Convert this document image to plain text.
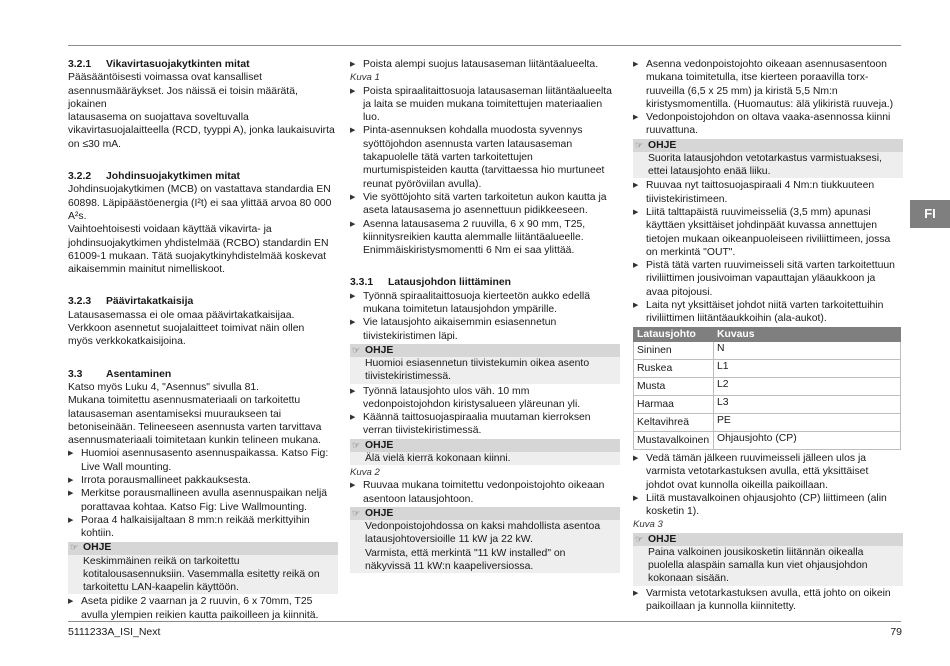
FI
3.2.1 Vikavirtasuojakytkinten mitat
Pääsääntöisesti voimassa ovat kansalliset
asennusmääräykset. Jos näissä ei toisin määrätä, jokainen
latausasema on suojattava soveltuvalla
vikavirtasuojalaitteella (RCD, tyyppi A), jonka laukaisuvirta
on ≤30 mA.
3.2.2 Johdinsuojakytkimen mitat
Johdinsuojakytkimen (MCB) on vastattava standardia EN
60898. Läpipäästöenergia (I²t) ei saa ylittää arvoa 80 000
A²s.
Vaihtoehtoisesti voidaan käyttää vikavirta- ja
johdinsuojakytkimen yhdistelmää (RCBO) standardin EN
61009-1 mukaan. Tätä suojakytkinyhdistelmää koskevat
aikaisemmin mainitut nimelliskoot.
3.2.3 Päävirtakatkaisija
Latausasemassa ei ole omaa päävirtakatkaisijaa.
Verkkoon asennetut suojalaitteet toimivat näin ollen
myös verkkokatkaisijoina.
3.3 Asentaminen
Katso myös Luku 4, "Asennus" sivulla 81.
Mukana toimitettu asennusmateriaali on tarkoitettu
latausaseman asentamiseksi muuraukseen tai
betoniseinään. Telineeseen asennusta varten tarvittava
asennusmateriaali toimitetaan kunkin telineen mukana.
▶ Huomioi asennusasento asennuspaikassa. Katso Fig:
Live Wall mounting.
▶ Irrota porausmallineet pakkauksesta.
▶ Merkitse porausmallineen avulla asennuspaikan neljä
porattavaa kohtaa. Katso Fig: Live Wallmounting.
▶ Poraa 4 halkaisijaltaan 8 mm:n reikää merkittyihin
kohtiin.
☞ OHJE
Keskimmäinen reikä on tarkoitettu
kotitalousasennuksiin. Vasemmalla esitetty reikä on
tarkoitettu LAN-kaapelin käyttöön.
▶ Aseta pidike 2 vaarnan ja 2 ruuvin, 6 x 70mm, T25
avulla ylempien reikien kautta paikoilleen ja kiinnitä.
▶ Poista alempi suojus latausaseman liitäntäalueelta.
Kuva 1
▶ Poista spiraalitaittosuoja latausaseman liitäntäalueelta
ja laita se muiden mukana toimitettujen materiaalien
luo.
▶ Pinta-asennuksen kohdalla muodosta syvennys
syöttöjohdon asennusta varten latausaseman
takapuolelle tätä varten tarkoitettujen
murtumispisteiden kautta (tarvittaessa hio murtuneet
reunat pyöröviilan avulla).
▶ Vie syöttöjohto sitä varten tarkoitetun aukon kautta ja
aseta latausasema jo asennettuun pidikkeeseen.
▶ Asenna latausasema 2 ruuvilla, 6 x 90 mm, T25,
kiinnitysreikien kautta alemmalle liitäntäalueelle.
Enimmäiskiristysmomentti 6 Nm ei saa ylittää.
3.3.1 Latausjohdon liittäminen
▶ Työnnä spiraalitaittosuoja kierteetön aukko edellä
mukana toimitetun latausjohdon ympärille.
▶ Vie latausjohto aikaisemmin esiasennetun
tiivistekiristimen läpi.
☞ OHJE
Huomioi esiasennetun tiivistekumin oikea asento
tiivistekiristimessä.
▶ Työnnä latausjohto ulos väh. 10 mm
vedonpoistojohdon kiristysalueen yläreunan yli.
▶ Käännä taittosuojaspiraalia muutaman kierroksen
verran tiivistekiristimessä.
☞ OHJE
Älä vielä kierrä kokonaan kiinni.
Kuva 2
▶ Ruuvaa mukana toimitettu vedonpoistojohto oikeaan
asentoon latausjohtoon.
☞ OHJE
Vedonpoistojohdossa on kaksi mahdollista asentoa
latausjohtoversioille 11 kW ja 22 kW.
Varmista, että merkintä "11 kW installed" on
näkyvissä 11 kW:n kaapeliversiossa.
▶ Asenna vedonpoistojohto oikeaan asennusasentoon
mukana toimitetulla, itse kierteen poraavilla torx-
ruuveilla (6,5 x 25 mm) ja kiristä 5,5 Nm:n
kiristysmomentilla. (Huomautus: älä ylikiristä ruuveja.)
▶ Vedonpoistojohdon on oltava vaaka-asennossa kiinni
ruuvattuna.
☞ OHJE
Suorita latausjohdon vetotarkastus varmistuaksesi,
ettei latausjohto enää liiku.
▶ Ruuvaa nyt taittosuojaspiraali 4 Nm:n tiukkuuteen
tiivistekiristimeen.
▶ Liitä talttapäistä ruuvimeisseliä (3,5 mm) apunasi
käyttäen yksittäiset johdinpäät kuvassa annettujen
tietojen mukaan oikeanpuoleiseen riviliittimeen, jossa
on merkintä "OUT".
▶ Pistä tätä varten ruuvimeisseli sitä varten tarkoitettuun
riviliittimen jousivoiman vapauttajan yläaukkoon ja
avaa pitojousi.
▶ Laita nyt yksittäiset johdot niitä varten tarkoitettuihin
riviliittimen liitäntäaukkoihin (ala-aukot).
Latausjohto	Kuvaus
Sininen	N
Ruskea	L1
Musta	L2
Harmaa	L3
Keltavihreä	PE
Mustavalkoinen	Ohjausjohto (CP)
▶ Vedä tämän jälkeen ruuvimeisseli jälleen ulos ja
varmista vetotarkastuksen avulla, että yksittäiset
johdot ovat kunnolla oikeilla paikoillaan.
▶ Liitä mustavalkoinen ohjausjohto (CP) liittimeen (alin
kosketin 1).
Kuva 3
☞ OHJE
Paina valkoinen jousikosketin liitännän oikealla
puolella alaspäin samalla kun viet ohjausjohdon
kokonaan sisään.
▶ Varmista vetotarkastuksen avulla, että johto on oikein
paikoillaan ja kunnolla kiinnitetty.
5111233A_ISI_Next	79
